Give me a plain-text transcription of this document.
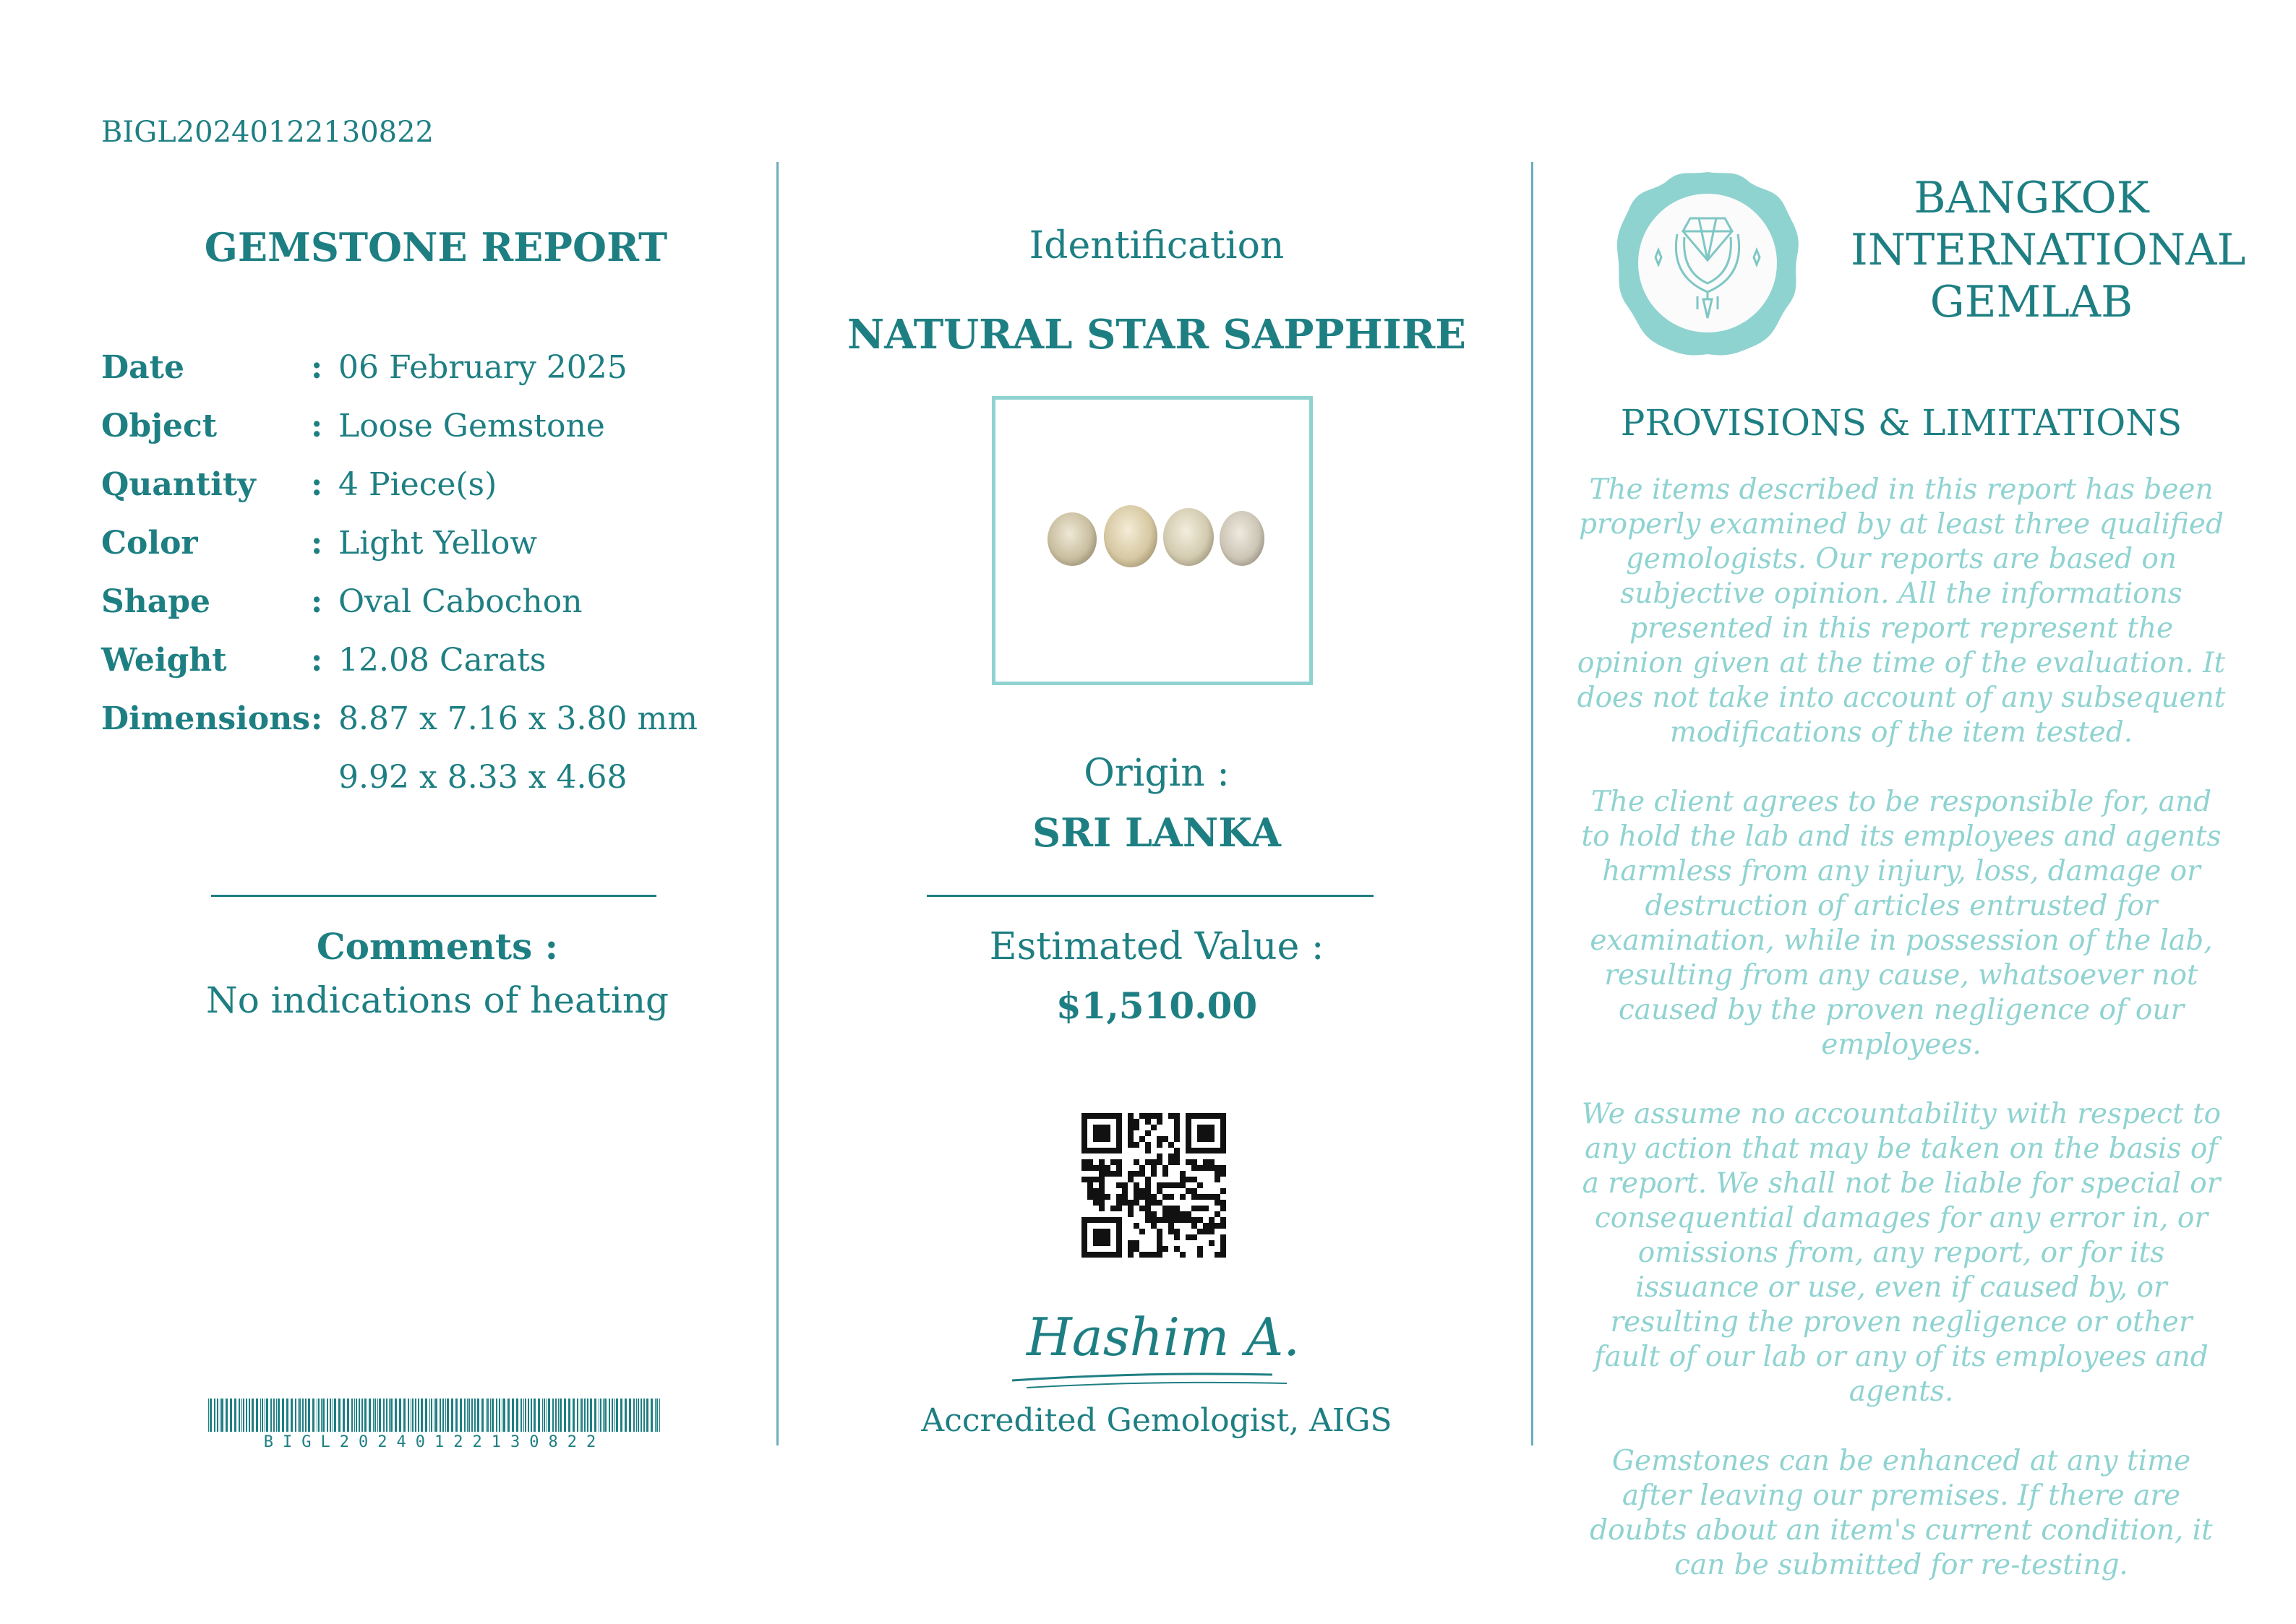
BIGL20240122130822
GEMSTONE REPORT
Date	: 06 February 2025
Object	: Loose Gemstone
Quantity	: 4 Piece(s)
Color	: Light Yellow
Shape	: Oval Cabochon
Weight	: 12.08 Carats
Dimensions : 8.87 x 7.16 x 3.80 mm
9.92 x 8.33 x 4.68
Comments :
No indications of heating
BIGL20240122130822
Identification
NATURAL STAR SAPPHIRE
Origin :
SRI LANKA
Estimated Value :
$1,510.00
Hashim A.
Accredited Gemologist, AIGS
BANGKOK
INTERNATIONAL
GEMLAB
PROVISIONS & LIMITATIONS

The items described in this report has been properly examined by at least three qualified gemologists. Our reports are based on subjective opinion. All the informations presented in this report represent the opinion given at the time of the evaluation. It does not take into account of any subsequent modifications of the item tested.

The client agrees to be responsible for, and to hold the lab and its employees and agents harmless from any injury, loss, damage or destruction of articles entrusted for examination, while in possession of the lab, resulting from any cause, whatsoever not caused by the proven negligence of our employees.

We assume no accountability with respect to any action that may be taken on the basis of a report. We shall not be liable for special or consequential damages for any error in, or omissions from, any report, or for its issuance or use, even if caused by, or resulting the proven negligence or other fault of our lab or any of its employees and agents.

Gemstones can be enhanced at any time after leaving our premises. If there are doubts about an item's current condition, it can be submitted for re-testing.
